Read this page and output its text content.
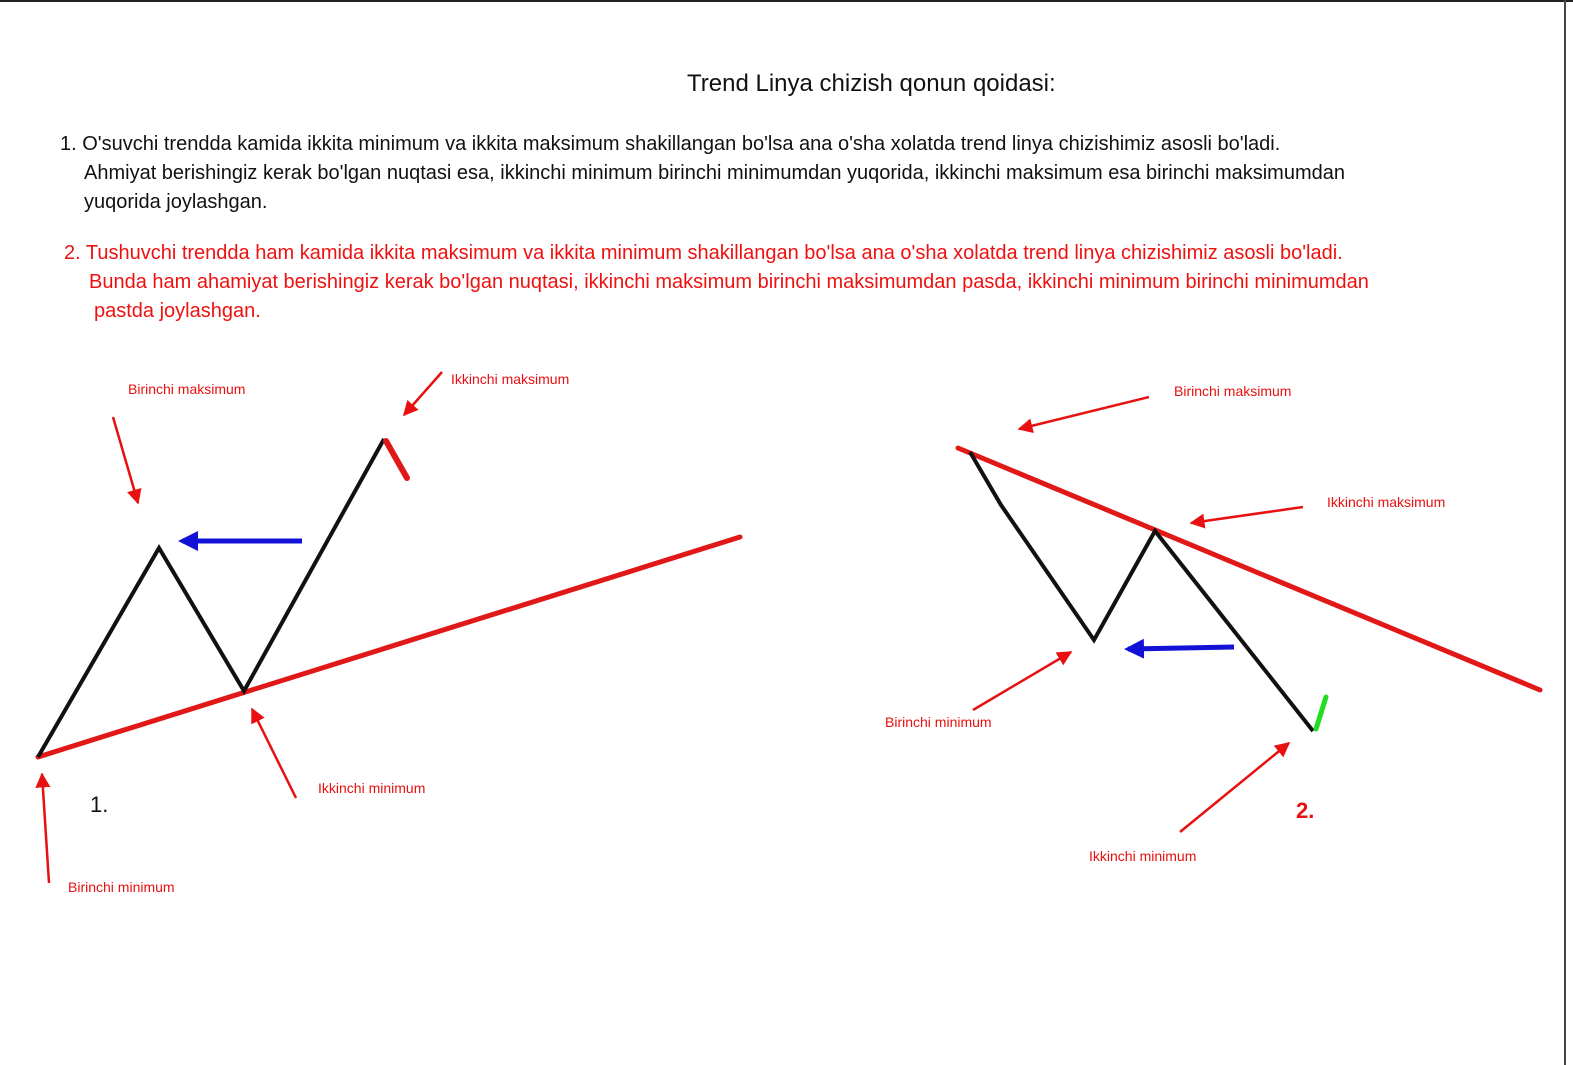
Trend Linya chizish qonun qoidasi:

1. O'suvchi trendda kamida ikkita minimum va ikkita maksimum shakillangan bo'lsa ana o'sha xolatda trend linya chizishimiz asosli bo'ladi.
Ahmiyat berishingiz kerak bo'lgan nuqtasi esa, ikkinchi minimum birinchi minimumdan yuqorida, ikkinchi maksimum esa birinchi maksimumdan
yuqorida joylashgan.

2. Tushuvchi trendda ham kamida ikkita maksimum va ikkita minimum shakillangan bo'lsa ana o'sha xolatda trend linya chizishimiz asosli bo'ladi.
Bunda ham ahamiyat berishingiz kerak bo'lgan nuqtasi, ikkinchi maksimum birinchi maksimumdan pasda, ikkinchi minimum birinchi minimumdan
pastda joylashgan.

Birinchi maksimum
Ikkinchi maksimum
Birinchi minimum
Ikkinchi minimum
1.
Birinchi maksimum
Ikkinchi maksimum
Birinchi minimum
Ikkinchi minimum
2.
